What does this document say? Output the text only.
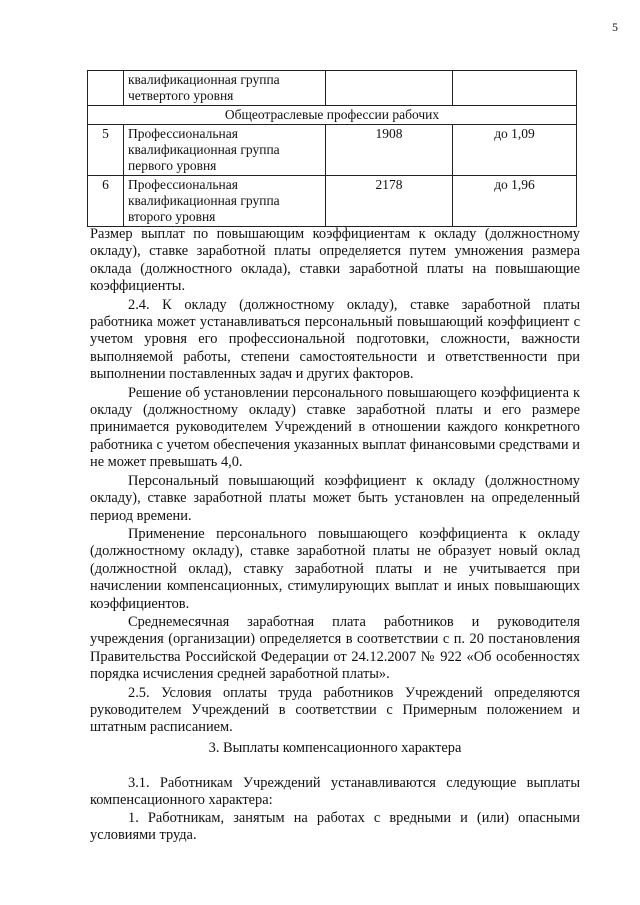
5
	квалификационная группа четвертого уровня		
Общеотраслевые профессии рабочих			
5	Профессиональная квалификационная группа первого уровня	1908	до 1,09
6	Профессиональная квалификационная группа второго уровня	2178	до 1,96

Размер выплат по повышающим коэффициентам к окладу (должностному окладу), ставке заработной платы определяется путем умножения размера оклада (должностного оклада), ставки заработной платы на повышающие коэффициенты.

2.4. К окладу (должностному окладу), ставке заработной платы работника может устанавливаться персональный повышающий коэффициент с учетом уровня его профессиональной подготовки, сложности, важности выполняемой работы, степени самостоятельности и ответственности при выполнении поставленных задач и других факторов.

Решение об установлении персонального повышающего коэффициента к окладу (должностному окладу) ставке заработной платы и его размере принимается руководителем Учреждений в отношении каждого конкретного работника с учетом обеспечения указанных выплат финансовыми средствами и не может превышать 4,0.

Персональный повышающий коэффициент к окладу (должностному окладу), ставке заработной платы может быть установлен на определенный период времени.

Применение персонального повышающего коэффициента к окладу (должностному окладу), ставке заработной платы не образует новый оклад (должностной оклад), ставку заработной платы и не учитывается при начислении компенсационных, стимулирующих выплат и иных повышающих коэффициентов.

Среднемесячная заработная плата работников и руководителя учреждения (организации) определяется в соответствии с п. 20 постановления Правительства Российской Федерации от 24.12.2007 № 922 «Об особенностях порядка исчисления средней заработной платы».

2.5. Условия оплаты труда работников Учреждений определяются руководителем Учреждений в соответствии с Примерным положением и штатным расписанием.

3. Выплаты компенсационного характера

3.1. Работникам Учреждений устанавливаются следующие выплаты компенсационного характера:

1. Работникам, занятым на работах с вредными и (или) опасными условиями труда.
